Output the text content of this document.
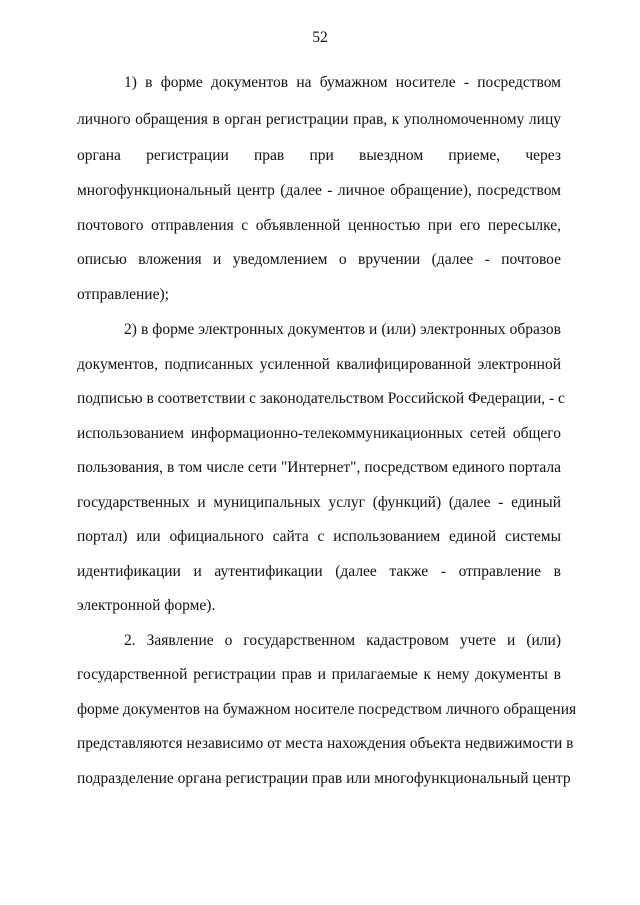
52
1) в форме документов на бумажном носителе - посредством
личного обращения в орган регистрации прав, к уполномоченному лицу
органа регистрации прав при выездном приеме, через
многофункциональный центр (далее - личное обращение), посредством
почтового отправления с объявленной ценностью при его пересылке,
описью вложения и уведомлением о вручении (далее - почтовое
отправление);
2) в форме электронных документов и (или) электронных образов
документов, подписанных усиленной квалифицированной электронной
подписью в соответствии с законодательством Российской Федерации, - с
использованием информационно-телекоммуникационных сетей общего
пользования, в том числе сети "Интернет", посредством единого портала
государственных и муниципальных услуг (функций) (далее - единый
портал) или официального сайта с использованием единой системы
идентификации и аутентификации (далее также - отправление в
электронной форме).
2. Заявление о государственном кадастровом учете и (или)
государственной регистрации прав и прилагаемые к нему документы в
форме документов на бумажном носителе посредством личного обращения
представляются независимо от места нахождения объекта недвижимости в
подразделение органа регистрации прав или многофункциональный центр
